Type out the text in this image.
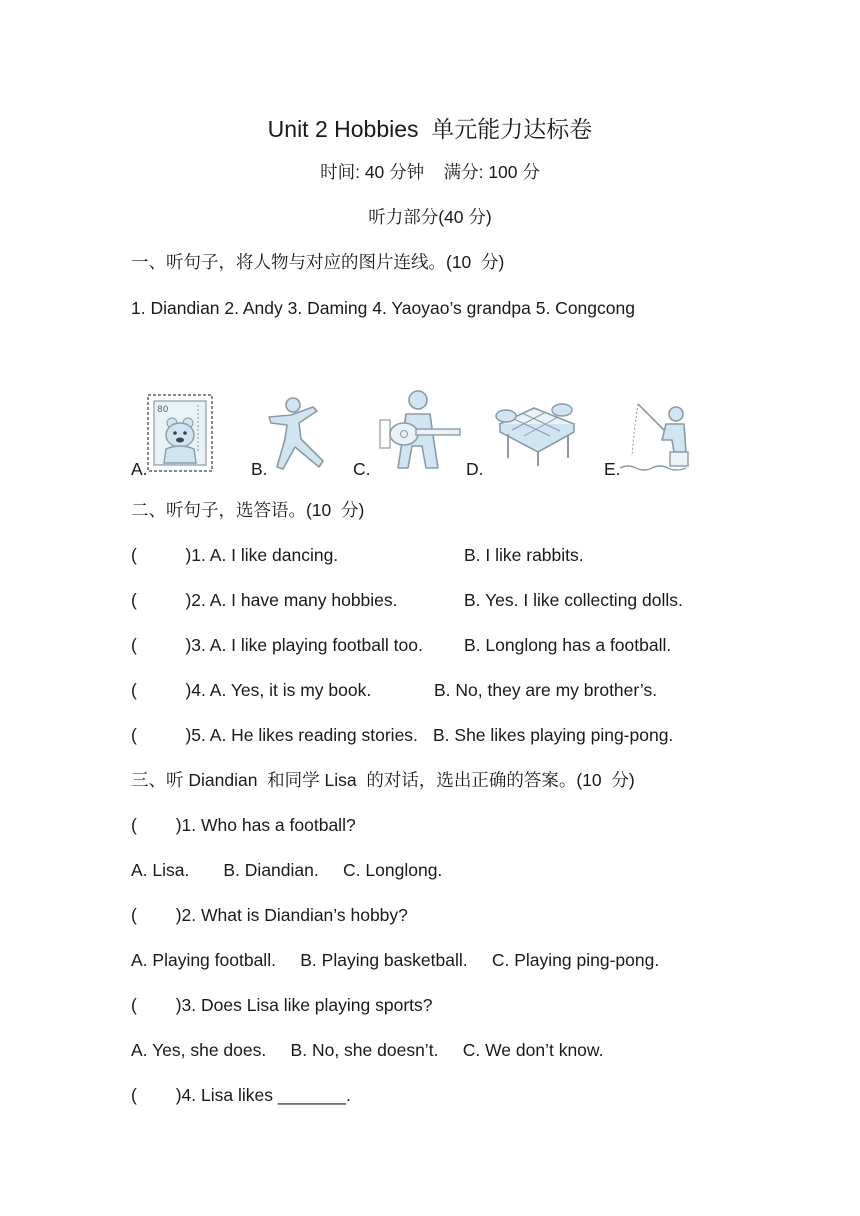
Unit 2 Hobbies  单元能力达标卷
时间: 40 分钟    满分: 100 分
听力部分(40 分)
一、听句子，将人物与对应的图片连线。(10  分)
1. Diandian 2. Andy 3. Daming 4. Yaoyao’s grandpa 5. Congcong
A.
80
B.	C.	D.	E.
二、听句子，选答语。(10  分)
(          )1. A. I like dancing.	B. I like rabbits.
(          )2. A. I have many hobbies.	B. Yes. I like collecting dolls.
(          )3. A. I like playing football too. B. Longlong has a football.
(          )4. A. Yes, it is my book.	B. No, they are my brother’s.
(          )5. A. He likes reading stories. B. She likes playing ping-pong.
三、听 Diandian  和同学 Lisa  的对话，选出正确的答案。(10  分)
(        )1. Who has a football?
A. Lisa.       B. Diandian.     C. Longlong.
(        )2. What is Diandian’s hobby?
A. Playing football.     B. Playing basketball.     C. Playing ping-pong.
(        )3. Does Lisa like playing sports?
A. Yes, she does.     B. No, she doesn’t.     C. We don’t know.
(        )4. Lisa likes _______.
